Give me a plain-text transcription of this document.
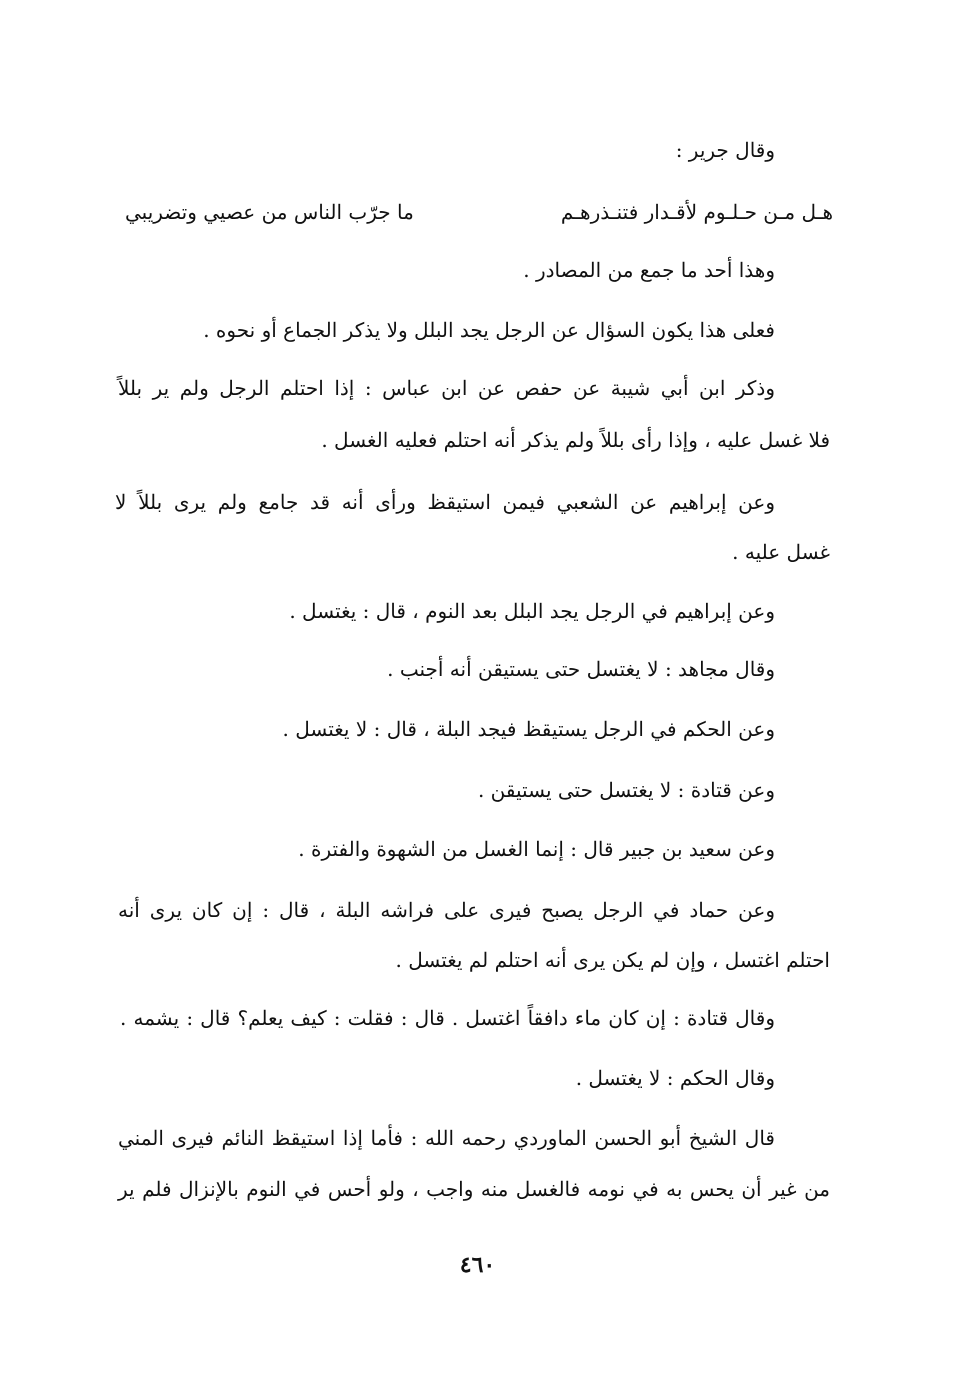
وقال جرير :
هـل مـن حـلـوم لأقـدار فتنـذرهـم
ما جرّب الناس من عصيي وتضريبي
وهذا أحد ما جمع من المصادر .
فعلى هذا يكون السؤال عن الرجل يجد البلل ولا يذكر الجماع أو نحوه .
وذكر ابن أبي شيبة عن حفص عن ابن عباس : إذا احتلم الرجل ولم ير بللاً
فلا غسل عليه ، وإذا رأى بللاً ولم يذكر أنه احتلم فعليه الغسل .
وعن إبراهيم عن الشعبي فيمن استيقظ ورأى أنه قد جامع ولم يرى بللاً لا
غسل عليه .
وعن إبراهيم في الرجل يجد البلل بعد النوم ، قال : يغتسل .
وقال مجاهد : لا يغتسل حتى يستيقن أنه أجنب .
وعن الحكم في الرجل يستيقظ فيجد البلة ، قال : لا يغتسل .
وعن قتادة : لا يغتسل حتى يستيقن .
وعن سعيد بن جبير قال : إنما الغسل من الشهوة والفترة .
وعن حماد في الرجل يصبح فيرى على فراشه البلة ، قال : إن كان يرى أنه
احتلم اغتسل ، وإن لم يكن يرى أنه احتلم لم يغتسل .
وقال قتادة : إن كان ماء دافقاً اغتسل . قال : فقلت : كيف يعلم؟ قال : يشمه .
وقال الحكم : لا يغتسل .
قال الشيخ أبو الحسن الماوردي رحمه الله : فأما إذا استيقظ النائم فيرى المني
من غير أن يحس به في نومه فالغسل منه واجب ، ولو أحس في النوم بالإنزال فلم ير
٤٦٠
